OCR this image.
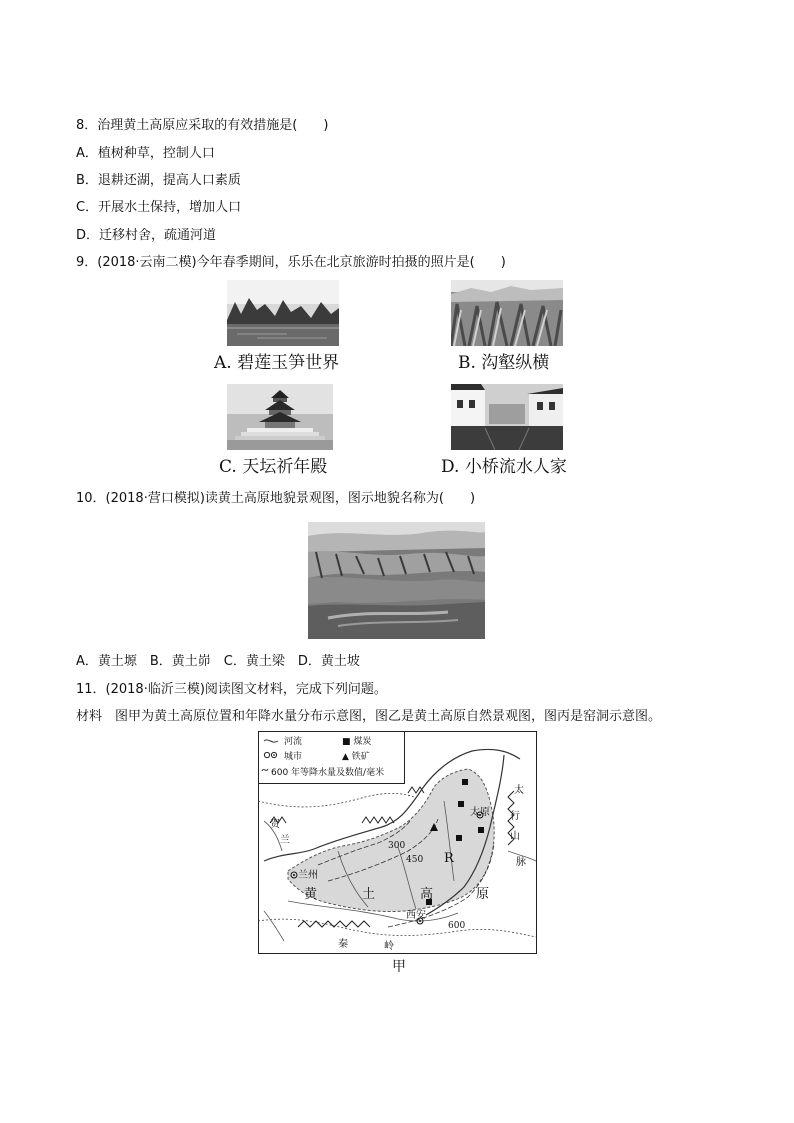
8．治理黄土高原应采取的有效措施是(　　)
A．植树种草，控制人口
B．退耕还湖，提高人口素质
C．开展水土保持，增加人口
D．迁移村舍，疏通河道
9．(2018·云南二模)今年春季期间，乐乐在北京旅游时拍摄的照片是(　　)
A. 碧莲玉笋世界	B. 沟壑纵横
C. 天坛祈年殿	D. 小桥流水人家
10．(2018·营口模拟)读黄土高原地貌景观图，图示地貌名称为(　　)
A．黄土塬　B．黄土峁　C．黄土梁　D．黄土坡
11．(2018·临沂三模)阅读图文材料，完成下列问题。
材料　图甲为黄土高原位置和年降水量分布示意图，图乙是黄土高原自然景观图，图丙是窑洞示意图。
河流	■ 煤炭
城市	▲ 铁矿
600 年等降水量及数值/毫米
太原
兰州
西安
黄	土	高	原
R
太
行
山
脉
秦	岭
贺
兰	300
450
600
甲
